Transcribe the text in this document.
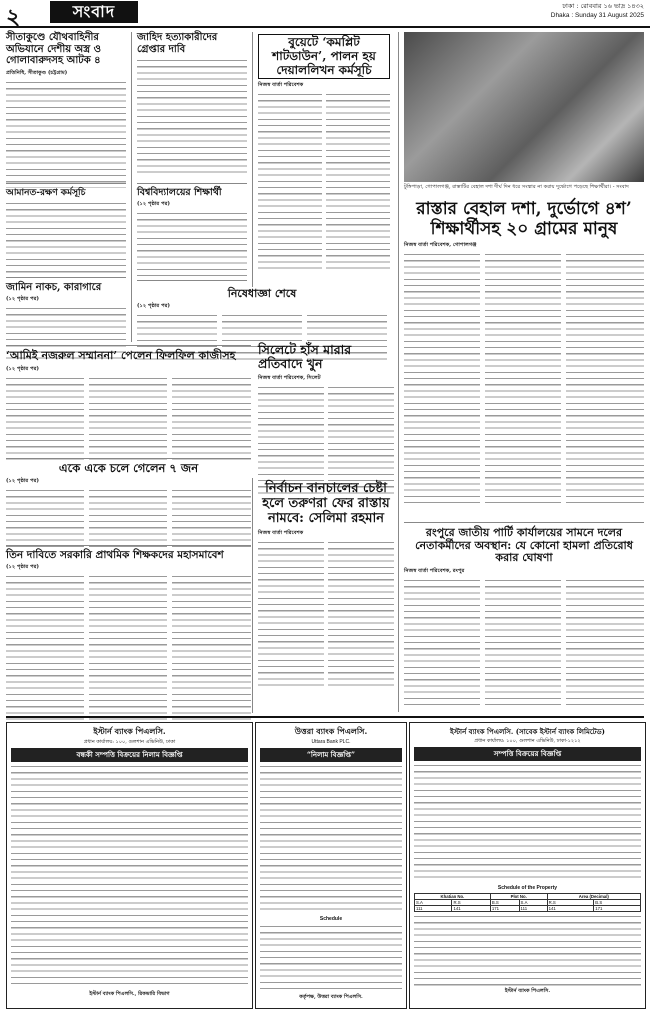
২	সংবাদ	ঢাকা : রোববার ১৬ ভাদ্র ১৪৩২
Dhaka : Sunday 31 August 2025
সীতাকুণ্ডে যৌথবাহিনীর অভিযানে দেশীয় অস্ত্র ও গোলাবারুদসহ আটক ৪
প্রতিনিধি, সীতাকুণ্ড (চট্টগ্রাম)
আমানত-রক্ষণ কর্মসূচি
জামিন নাকচ, কারাগারে
(১২ পৃষ্ঠার পর)
জাহিদ হত্যাকারীদের গ্রেপ্তার দাবি
বিশ্ববিদ্যালয়ের শিক্ষার্থী
(১২ পৃষ্ঠার পর)
বুয়েটে ‘কমপ্লিট শাটডাউন’, পালন হয় দেয়াললিখন কর্মসূচি
নিজস্ব বার্তা পরিবেশক
নিষেধাজ্ঞা শেষে
(১২ পৃষ্ঠার পর)
সিলেটে হাঁস মারার প্রতিবাদে খুন
নিজস্ব বার্তা পরিবেশক, সিলেট
‘আমিই নজরুল সম্মাননা’ পেলেন ফিলফিল কাজীসহ
(১২ পৃষ্ঠার পর)
একে একে চলে গেলেন ৭ জন
(১২ পৃষ্ঠার পর)
তিন দাবিতে সরকারি প্রাথমিক শিক্ষকদের মহাসমাবেশ
(১২ পৃষ্ঠার পর)
নির্বাচন বানচালের চেষ্টা হলে তরুণরা ফের রাস্তায় নামবে: সেলিমা রহমান
নিজস্ব বার্তা পরিবেশক
টুঙ্গিপাড়া, গোপালগঞ্জ, রাস্তাটির বেহাল দশা দীর্ঘ দিন ধরে সংস্কার না করায় দুর্ভোগে পড়েছে শিক্ষার্থীরা। - সংবাদ
রাস্তার বেহাল দশা, দুর্ভোগে ৪শ’ শিক্ষার্থীসহ ২০ গ্রামের মানুষ
নিজস্ব বার্তা পরিবেশক, গোপালগঞ্জ
রংপুরে জাতীয় পার্টি কার্যালয়ের সামনে দলের নেতাকর্মীদের অবস্থান: যে কোনো হামলা প্রতিরোধ করার ঘোষণা
নিজস্ব বার্তা পরিবেশক, রংপুর
ইস্টার্ন ব্যাংক পিএলসি.
প্রধান কার্যালয়: ১০০, গুলশান এভিনিউ, ঢাকা
বন্ধকী সম্পত্তি বিক্রয়ের নিলাম বিজ্ঞপ্তি
ইস্টার্ন ব্যাংক পিএলসি., রিকভারি বিভাগ
উত্তরা ব্যাংক পিএলসি.
Uttara Bank PLC.
“নিলাম বিজ্ঞপ্তি”
Schedule
কর্তৃপক্ষ, উত্তরা ব্যাংক পিএলসি.
ইস্টার্ন ব্যাংক পিএলসি. (সাবেক ইস্টার্ন ব্যাংক লিমিটেড)
প্রধান কার্যালয়: ১০০, গুলশান এভিনিউ, ঢাকা-১২১২
সম্পত্তি বিক্রয়ের বিজ্ঞপ্তি
Schedule of the Property
Khatian No.		Plot No.		Area (Decimal)	
S.A	R.S	B.S	S.A	R.S	B.S
111	141	171	111	141	171
ইস্টার্ন ব্যাংক পিএলসি.
